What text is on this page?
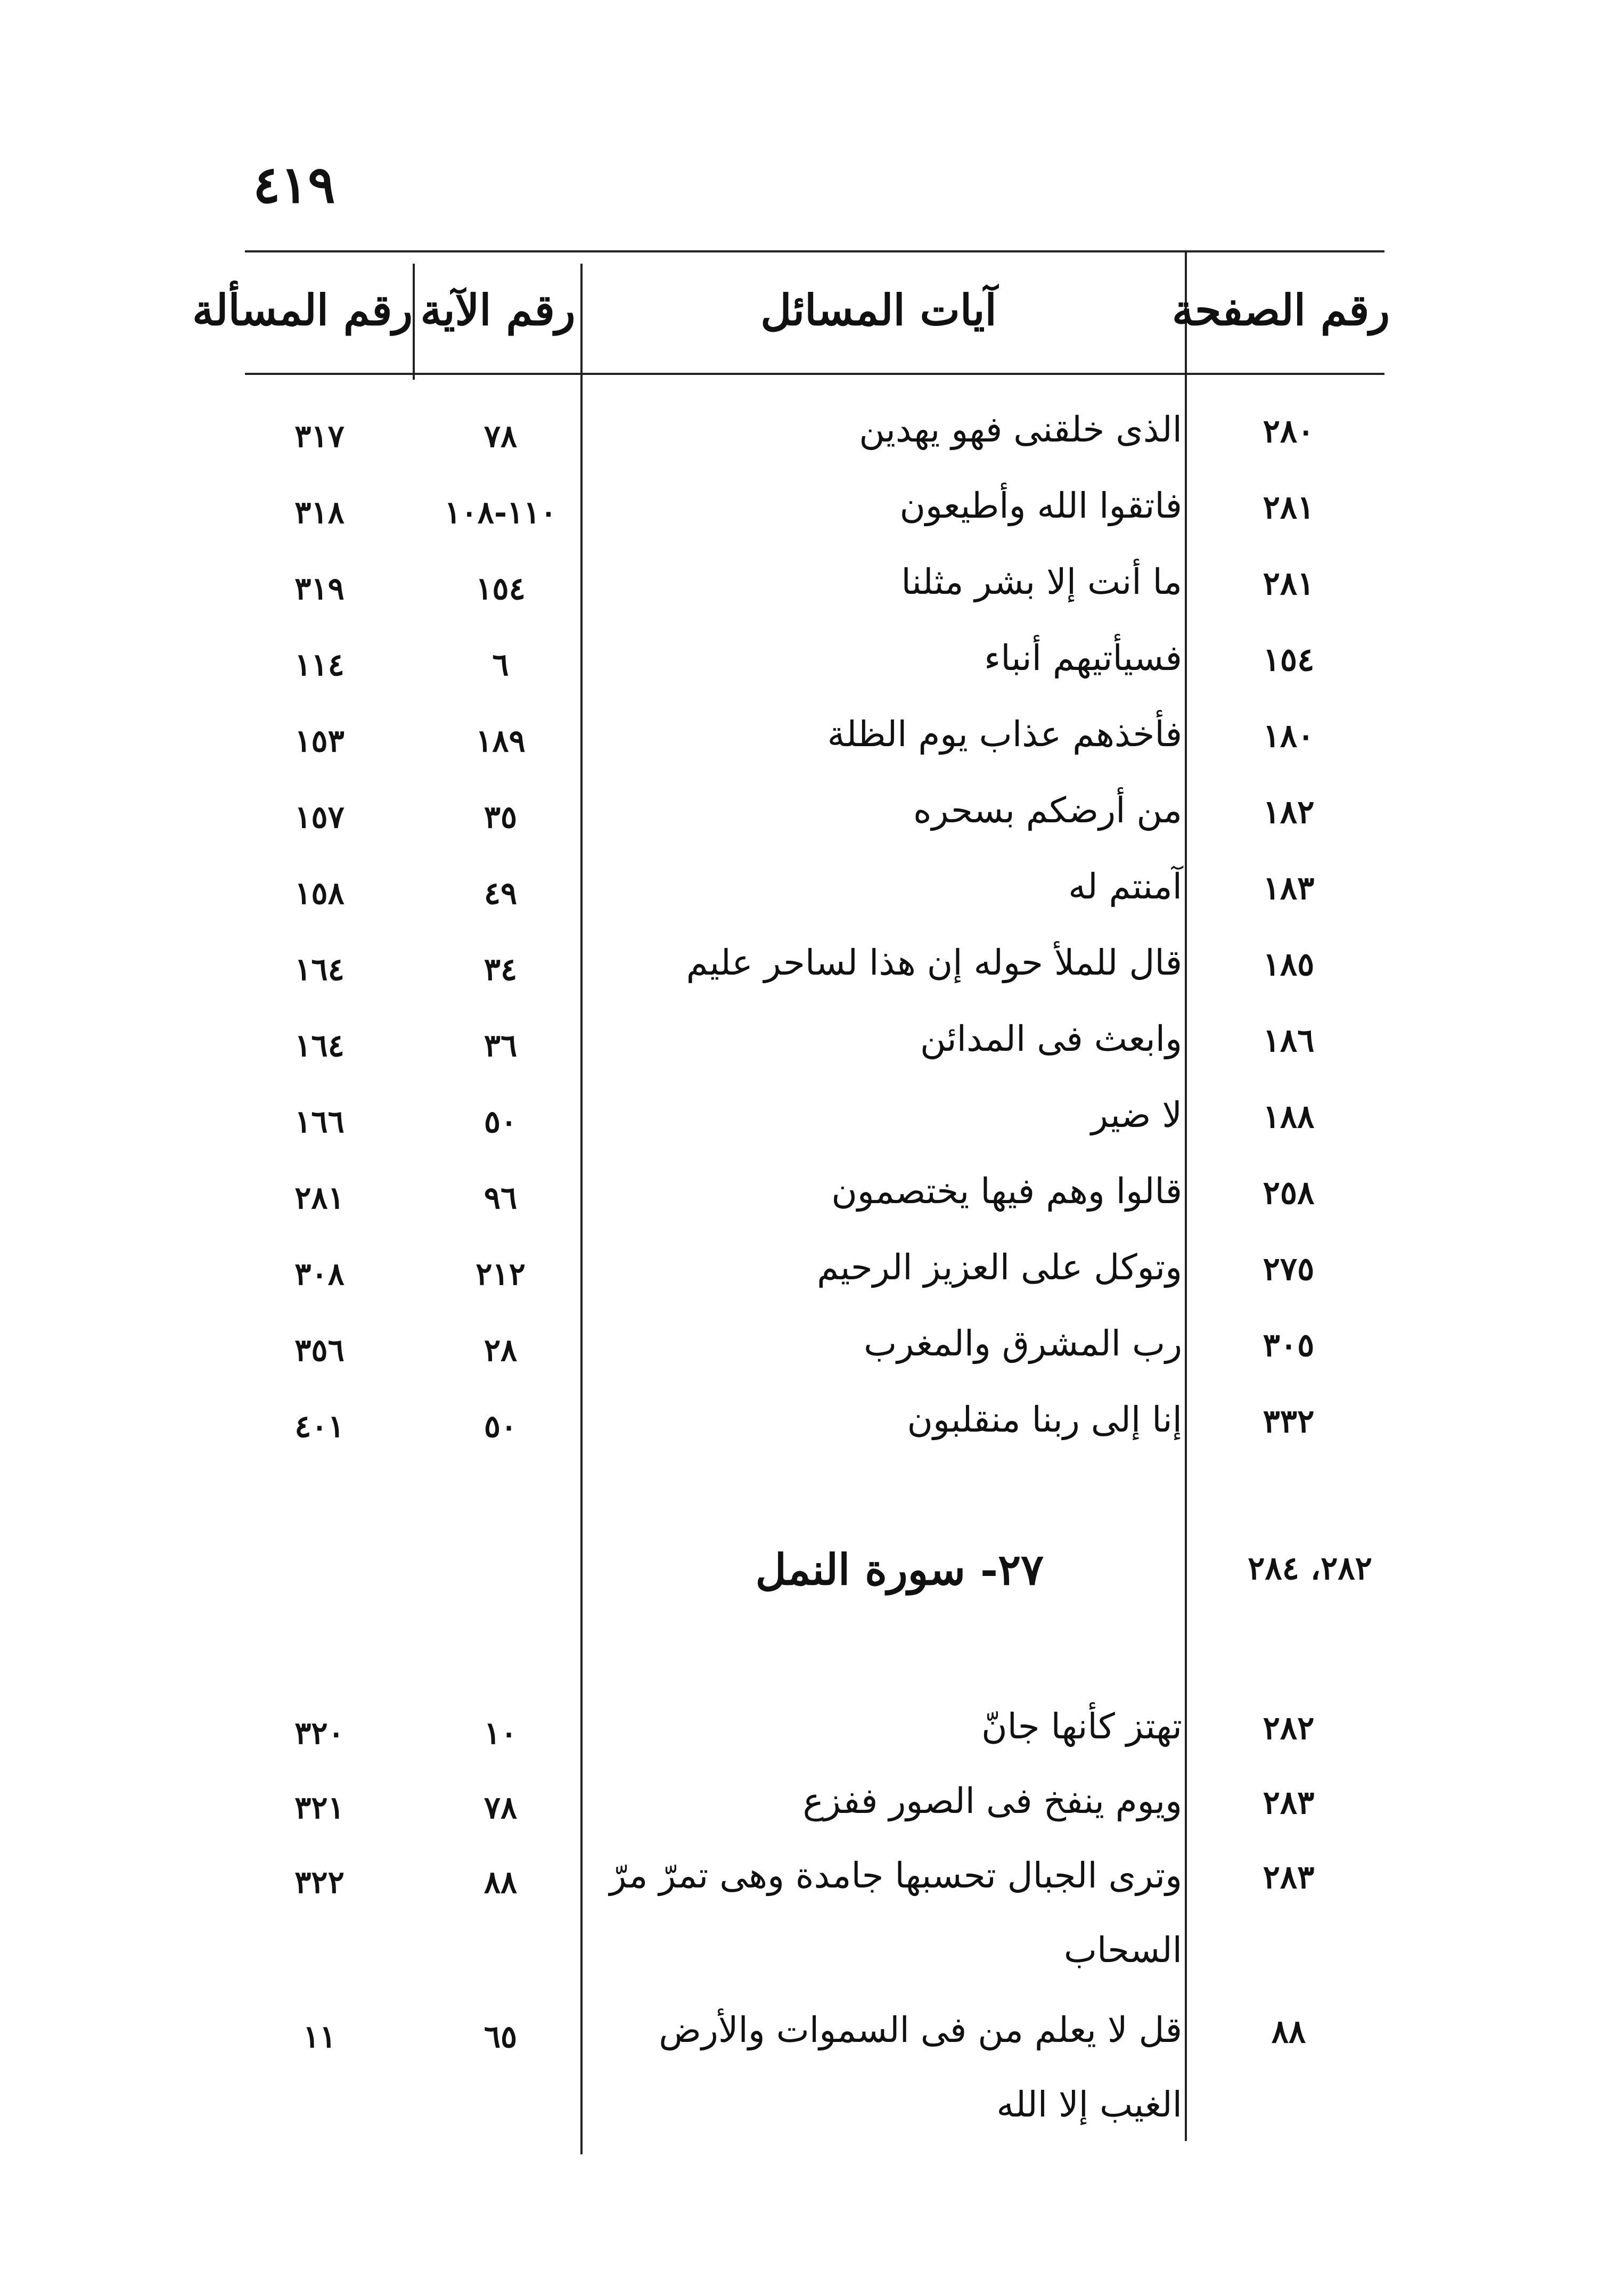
٤١٩
رقم الصفحة
آيات المسائل
رقم الآية
رقم المسألة
٢٨٠
الذى خلقنى فهو يهدين
٧٨
٣١٧
٢٨١
فاتقوا الله وأطيعون
١١٠-١٠٨
٣١٨
٢٨١
ما أنت إلا بشر مثلنا
١٥٤
٣١٩
١٥٤
فسيأتيهم أنباء
٦
١١٤
١٨٠
فأخذهم عذاب يوم الظلة
١٨٩
١٥٣
١٨٢
من أرضكم بسحره
٣٥
١٥٧
١٨٣
آمنتم له
٤٩
١٥٨
١٨٥
قال للملأ حوله إن هذا لساحر عليم
٣٤
١٦٤
١٨٦
وابعث فى المدائن
٣٦
١٦٤
١٨٨
لا ضير
٥٠
١٦٦
٢٥٨
قالوا وهم فيها يختصمون
٩٦
٢٨١
٢٧٥
وتوكل على العزيز الرحيم
٢١٢
٣٠٨
٣٠٥
رب المشرق والمغرب
٢٨
٣٥٦
٣٣٢
إنا إلى ربنا منقلبون
٥٠
٤٠١
٢٨٢، ٢٨٤
٢٧- سورة النمل
٢٨٢
تهتز كأنها جانّ
١٠
٣٢٠
٢٨٣
ويوم ينفخ فى الصور ففزع
٧٨
٣٢١
٢٨٣
وترى الجبال تحسبها جامدة وهى تمرّ مرّ
السحاب
٨٨
٣٢٢
٨٨
قل لا يعلم من فى السموات والأرض
الغيب إلا الله
٦٥
١١
